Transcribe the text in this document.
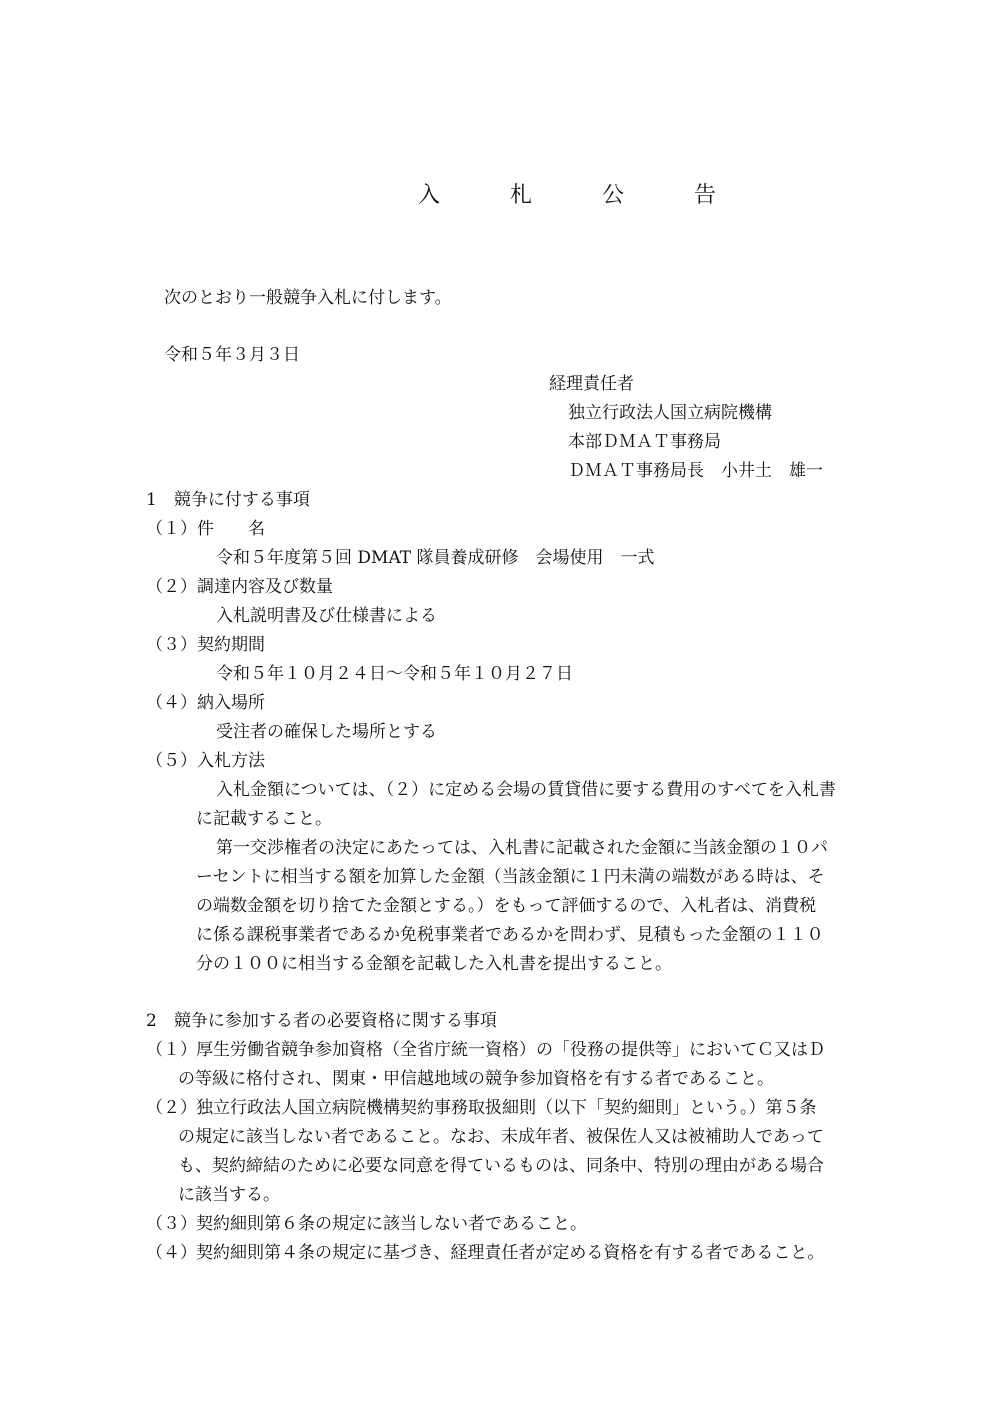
入　札　公　告
次のとおり一般競争入札に付します。
令和５年３月３日
経理責任者
独立行政法人国立病院機構
本部ＤＭＡＴ事務局
ＤＭＡＴ事務局長　小井土　雄一
1　競争に付する事項
（１）件　　名
令和５年度第５回 DMAT 隊員養成研修　会場使用　一式
（２）調達内容及び数量
入札説明書及び仕様書による
（３）契約期間
令和５年１０月２４日～令和５年１０月２７日
（４）納入場所
受注者の確保した場所とする
（５）入札方法
入札金額については、（２）に定める会場の賃貸借に要する費用のすべてを入札書
に記載すること。
第一交渉権者の決定にあたっては、入札書に記載された金額に当該金額の１０パ
ーセントに相当する額を加算した金額（当該金額に１円未満の端数がある時は、そ
の端数金額を切り捨てた金額とする。）をもって評価するので、入札者は、消費税
に係る課税事業者であるか免税事業者であるかを問わず、見積もった金額の１１０
分の１００に相当する金額を記載した入札書を提出すること。
2　競争に参加する者の必要資格に関する事項
（１） 厚生労働省競争参加資格（全省庁統一資格）の「役務の提供等」においてＣ又はＤ
の等級に格付され、関東・甲信越地域の競争参加資格を有する者であること。
（２） 独立行政法人国立病院機構契約事務取扱細則（以下「契約細則」という。）第５条
の規定に該当しない者であること。なお、未成年者、被保佐人又は被補助人であって
も、契約締結のために必要な同意を得ているものは、同条中、特別の理由がある場合
に該当する。
（３） 契約細則第６条の規定に該当しない者であること。
（４） 契約細則第４条の規定に基づき、経理責任者が定める資格を有する者であること。
